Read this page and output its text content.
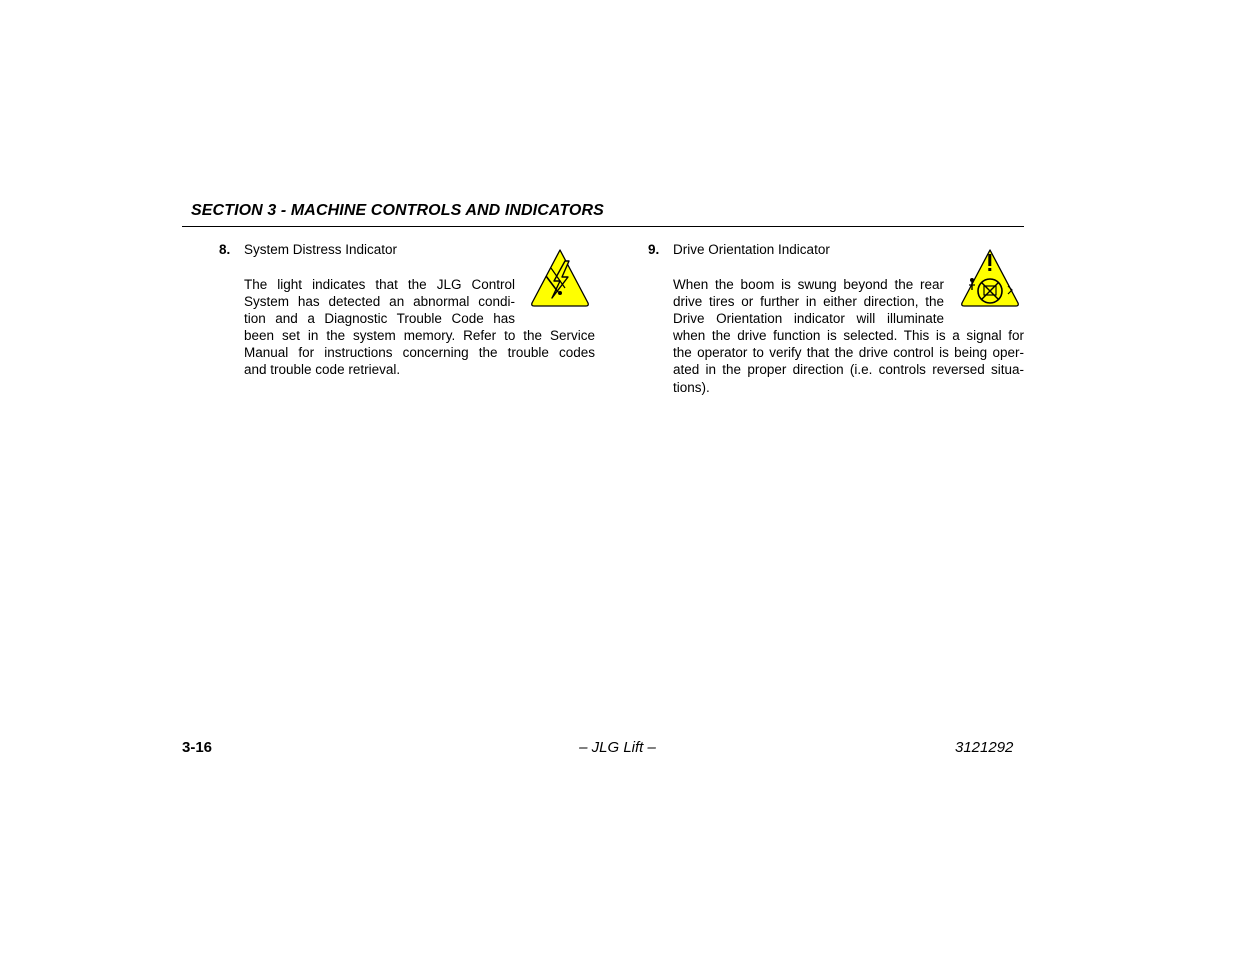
SECTION 3 - MACHINE CONTROLS AND INDICATORS
8. System Distress Indicator
The light indicates that the JLG Control
System has detected an abnormal condi-
tion and a Diagnostic Trouble Code has
been set in the system memory. Refer to the Service
Manual for instructions concerning the trouble codes
and trouble code retrieval.
9. Drive Orientation Indicator
When the boom is swung beyond the rear
drive tires or further in either direction, the
Drive Orientation indicator will illuminate
when the drive function is selected. This is a signal for
the operator to verify that the drive control is being oper-
ated in the proper direction (i.e. controls reversed situa-
tions).
3-16	– JLG Lift –	3121292
